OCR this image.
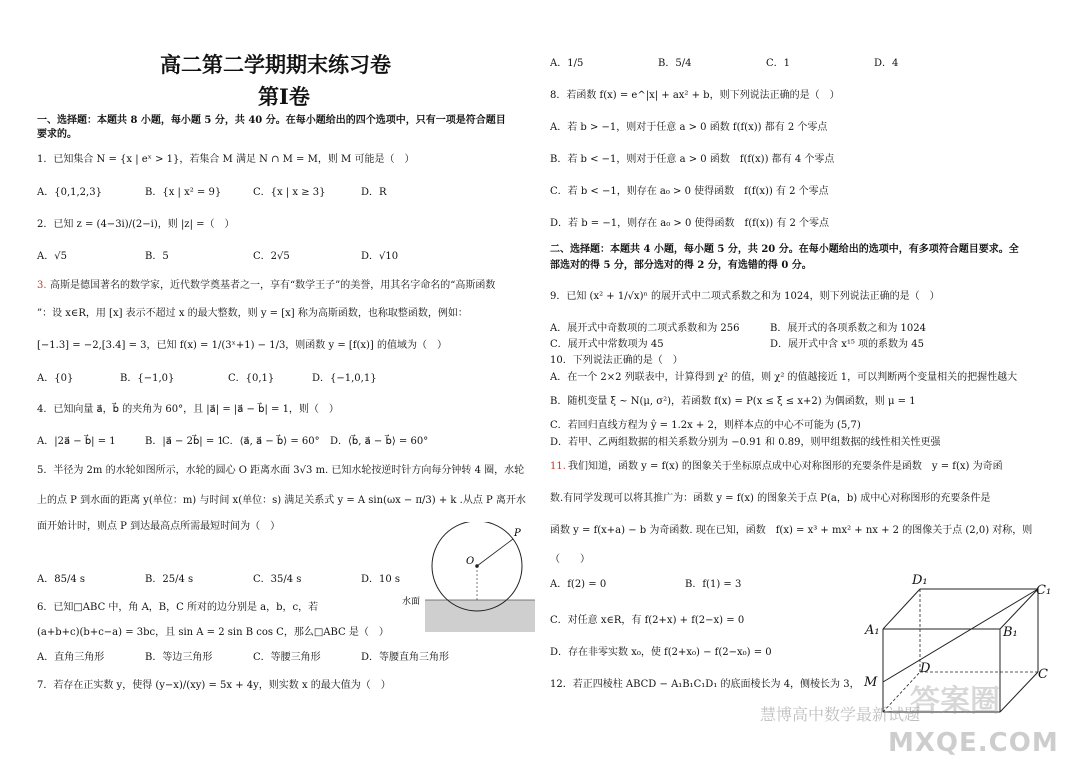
高二第二学期期末练习卷
第I卷
一、选择题：本题共 8 小题，每小题 5 分，共 40 分。在每小题给出的四个选项中，只有一项是符合题目
要求的。
1．已知集合 N = {x | eˣ > 1}，若集合 M 满足 N ∩ M = M，则 M 可能是（　）
A．{0,1,2,3}	B．{x | x² = 9}	C．{x | x ≥ 3}	D．R
2．已知 z = (4−3i)/(2−i)，则 |z| =（　）
A．√5	B．5	C．2√5	D．√10
3. 高斯是德国著名的数学家，近代数学奠基者之一，享有“数学王子”的美誉，用其名字命名的“高斯函数
”：设 x∈R，用 [x] 表示不超过 x 的最大整数，则 y = [x] 称为高斯函数，也称取整函数，例如：
[−1.3] = −2,[3.4] = 3，已知 f(x) = 1/(3ˣ+1) − 1/3，则函数 y = [f(x)] 的值域为（　）
A．{0}	B．{−1,0}	C．{0,1}	D．{−1,0,1}
4．已知向量 a⃗，b⃗ 的夹角为 60°，且 |a⃗| = |a⃗ − b⃗| = 1，则（　）
A．|2a⃗ − b⃗| = 1	B．|a⃗ − 2b⃗| = 1
C．⟨a⃗, a⃗ − b⃗⟩ = 60° D．⟨b⃗, a⃗ − b⃗⟩ = 60°
5．半径为 2m 的水轮如图所示，水轮的圆心 O 距离水面 3√3 m. 已知水轮按逆时针方向每分钟转 4 圈，水轮
上的点 P 到水面的距离 y(单位：m) 与时间 x(单位：s) 满足关系式 y = A sin(ωx − π/3) + k .从点 P 离开水
面开始计时，则点 P 到达最高点所需最短时间为（　）
A．85/4 s	B．25/4 s	C．35/4 s	D．10 s
O
P
水面
6．已知□ABC 中，角 A，B，C 所对的边分别是 a，b，c，若
(a+b+c)(b+c−a) = 3bc，且 sin A = 2 sin B cos C，那么□ABC 是（　）
A．直角三角形	B．等边三角形	C．等腰三角形	D．等腰直角三角形
7．若存在正实数 y，使得 (y−x)/(xy) = 5x + 4y，则实数 x 的最大值为（　）
A．1/5	B．5/4	C．1	D．4
8．若函数 f(x) = e^|x| + ax² + b，则下列说法正确的是（　）
A．若 b > −1，则对于任意 a > 0 函数 f(f(x)) 都有 2 个零点
B．若 b < −1，则对于任意 a > 0 函数　f(f(x)) 都有 4 个零点
C．若 b < −1，则存在 a₀ > 0 使得函数　f(f(x)) 有 2 个零点
D．若 b = −1，则存在 a₀ > 0 使得函数　f(f(x)) 有 2 个零点
二、选择题：本题共 4 小题，每小题 5 分，共 20 分。在每小题给出的选项中，有多项符合题目要求。全
部选对的得 5 分，部分选对的得 2 分，有选错的得 0 分。
9．已知 (x² + 1/√x)ⁿ 的展开式中二项式系数之和为 1024，则下列说法正确的是（　）
A．展开式中奇数项的二项式系数和为 256	B．展开式的各项系数之和为 1024
C．展开式中常数项为 45	D．展开式中含 x¹⁵ 项的系数为 45
10．下列说法正确的是（　）
A．在一个 2×2 列联表中，计算得到 χ² 的值，则 χ² 的值越接近 1，可以判断两个变量相关的把握性越大
B．随机变量 ξ ~ N(μ, σ²)，若函数 f(x) = P(x ≤ ξ ≤ x+2) 为偶函数，则 μ = 1
C．若回归直线方程为 ŷ = 1.2x + 2，则样本点的中心不可能为 (5,7)
D．若甲、乙两组数据的相关系数分别为 −0.91 和 0.89，则甲组数据的线性相关性更强
11. 我们知道，函数 y = f(x) 的图象关于坐标原点成中心对称图形的充要条件是函数　y = f(x) 为奇函
数.有同学发现可以将其推广为：函数 y = f(x) 的图象关于点 P(a，b) 成中心对称图形的充要条件是
函数 y = f(x+a) − b 为奇函数. 现在已知，函数　f(x) = x³ + mx² + nx + 2 的图像关于点 (2,0) 对称，则
（　　）
A．f(2) = 0	B．f(1) = 3
C．对任意 x∈R，有 f(2+x) + f(2−x) = 0
D．存在非零实数 x₀，使 f(2+x₀) − f(2−x₀) = 0
12．若正四棱柱 ABCD − A₁B₁C₁D₁ 的底面棱长为 4，侧棱长为 3，
D₁
C₁
A₁	B₁
M
D	C
慧博高中数学最新试题
MXQE.COM
答案圈
